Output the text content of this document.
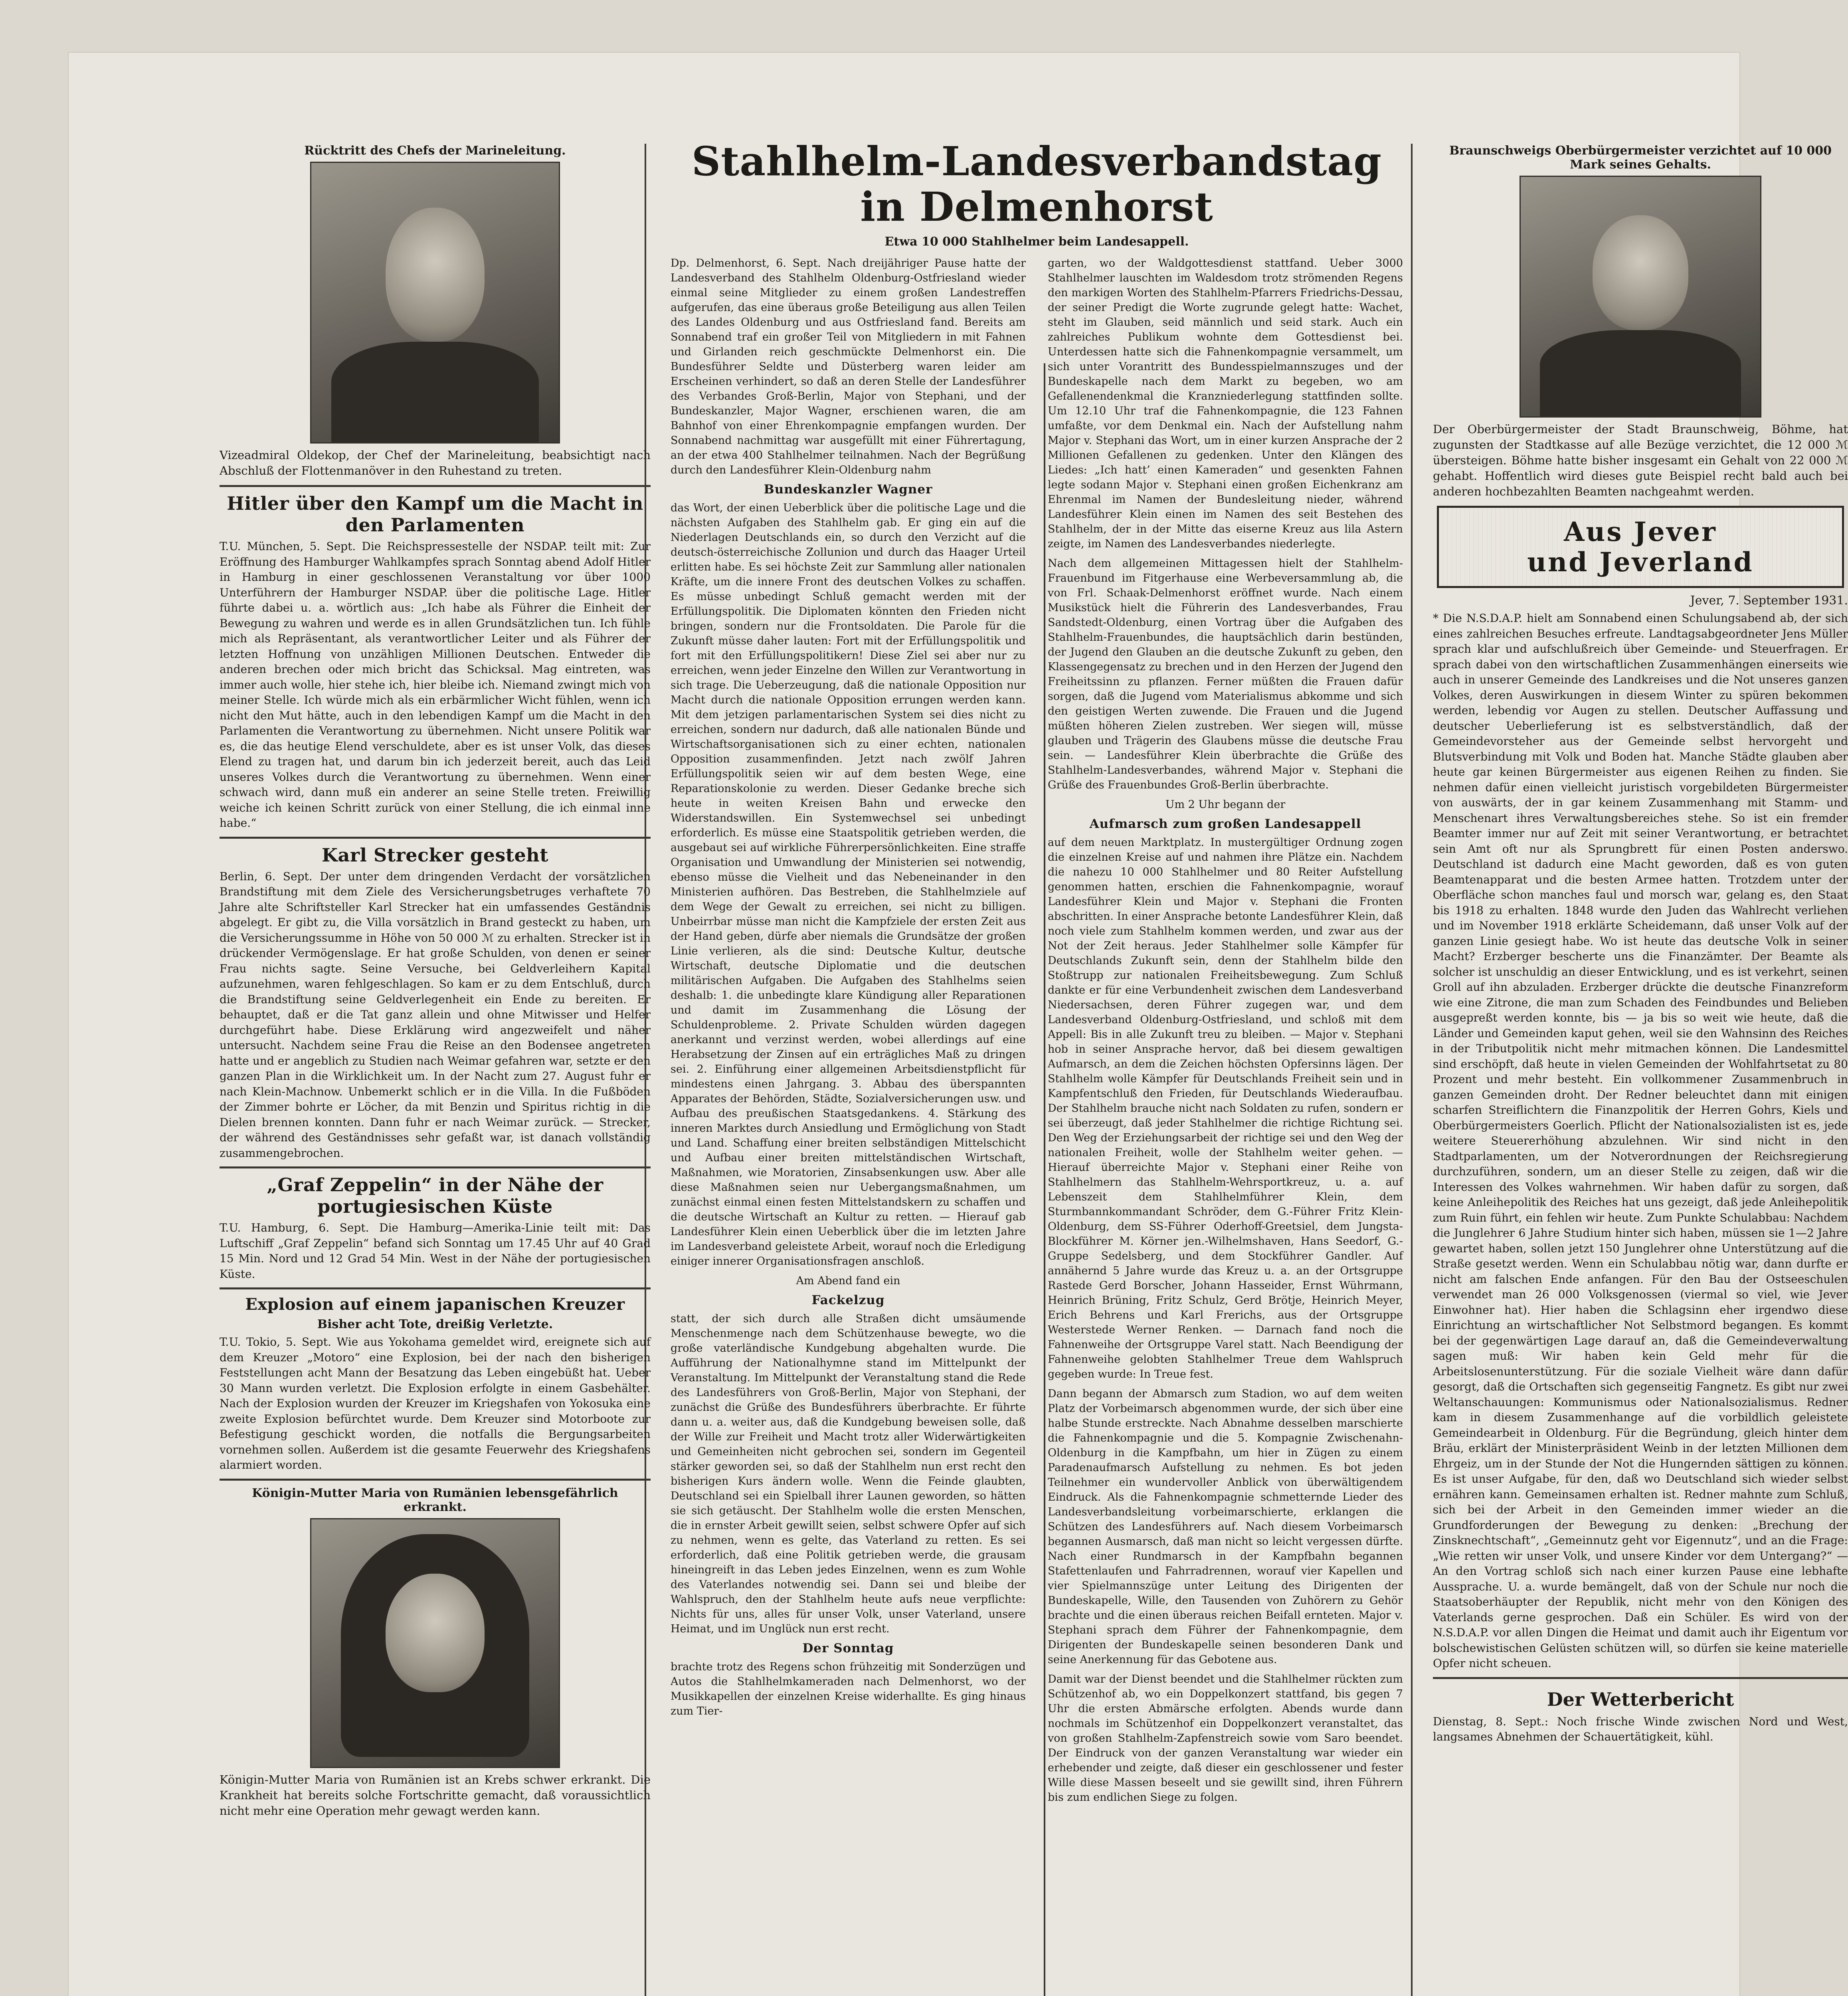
Rücktritt des Chefs der Marineleitung.
Vizeadmiral Oldekop, der Chef der Marineleitung, beabsichtigt nach Abschluß der Flottenmanöver in den Ruhestand zu treten.
Hitler über den Kampf um die Macht in den Parlamenten
T.U. München, 5. Sept. Die Reichspressestelle der NSDAP. teilt mit: Zur Eröffnung des Hamburger Wahlkampfes sprach Sonntag abend Adolf Hitler in Hamburg in einer geschlossenen Veranstaltung vor über 1000 Unterführern der Hamburger NSDAP. über die politische Lage. Hitler führte dabei u. a. wörtlich aus: „Ich habe als Führer die Einheit der Bewegung zu wahren und werde es in allen Grundsätzlichen tun. Ich fühle mich als Repräsentant, als verantwortlicher Leiter und als Führer der letzten Hoffnung von unzähligen Millionen Deutschen. Entweder die anderen brechen oder mich bricht das Schicksal. Mag eintreten, was immer auch wolle, hier stehe ich, hier bleibe ich. Niemand zwingt mich von meiner Stelle. Ich würde mich als ein erbärmlicher Wicht fühlen, wenn ich nicht den Mut hätte, auch in den lebendigen Kampf um die Macht in den Parlamenten die Verantwortung zu übernehmen. Nicht unsere Politik war es, die das heutige Elend verschuldete, aber es ist unser Volk, das dieses Elend zu tragen hat, und darum bin ich jederzeit bereit, auch das Leid unseres Volkes durch die Verantwortung zu übernehmen. Wenn einer schwach wird, dann muß ein anderer an seine Stelle treten. Freiwillig weiche ich keinen Schritt zurück von einer Stellung, die ich einmal inne habe.“
Karl Strecker gesteht
Berlin, 6. Sept. Der unter dem dringenden Verdacht der vorsätzlichen Brandstiftung mit dem Ziele des Versicherungsbetruges verhaftete 70 Jahre alte Schriftsteller Karl Strecker hat ein umfassendes Geständnis abgelegt. Er gibt zu, die Villa vorsätzlich in Brand gesteckt zu haben, um die Versicherungssumme in Höhe von 50 000 ℳ zu erhalten. Strecker ist in drückender Vermögenslage. Er hat große Schulden, von denen er seiner Frau nichts sagte. Seine Versuche, bei Geldverleihern Kapital aufzunehmen, waren fehlgeschlagen. So kam er zu dem Entschluß, durch die Brandstiftung seine Geldverlegenheit ein Ende zu bereiten. Er behauptet, daß er die Tat ganz allein und ohne Mitwisser und Helfer durchgeführt habe. Diese Erklärung wird angezweifelt und näher untersucht. Nachdem seine Frau die Reise an den Bodensee angetreten hatte und er angeblich zu Studien nach Weimar gefahren war, setzte er den ganzen Plan in die Wirklichkeit um. In der Nacht zum 27. August fuhr er nach Klein-Machnow. Unbemerkt schlich er in die Villa. In die Fußböden der Zimmer bohrte er Löcher, da mit Benzin und Spiritus richtig in die Dielen brennen konnten. Dann fuhr er nach Weimar zurück. — Strecker, der während des Geständnisses sehr gefaßt war, ist danach vollständig zusammengebrochen.
„Graf Zeppelin“ in der Nähe der portugiesischen Küste
T.U. Hamburg, 6. Sept. Die Hamburg—Amerika-Linie teilt mit: Das Luftschiff „Graf Zeppelin“ befand sich Sonntag um 17.45 Uhr auf 40 Grad 15 Min. Nord und 12 Grad 54 Min. West in der Nähe der portugiesischen Küste.
Explosion auf einem japanischen Kreuzer
Bisher acht Tote, dreißig Verletzte.
T.U. Tokio, 5. Sept. Wie aus Yokohama gemeldet wird, ereignete sich auf dem Kreuzer „Motoro“ eine Explosion, bei der nach den bisherigen Feststellungen acht Mann der Besatzung das Leben eingebüßt hat. Ueber 30 Mann wurden verletzt. Die Explosion erfolgte in einem Gasbehälter. Nach der Explosion wurden der Kreuzer im Kriegshafen von Yokosuka eine zweite Explosion befürchtet wurde. Dem Kreuzer sind Motorboote zur Befestigung geschickt worden, die notfalls die Bergungsarbeiten vornehmen sollen. Außerdem ist die gesamte Feuerwehr des Kriegshafens alarmiert worden.
Königin-Mutter Maria von Rumänien lebensgefährlich erkrankt.
Königin-Mutter Maria von Rumänien ist an Krebs schwer erkrankt. Die Krankheit hat bereits solche Fortschritte gemacht, daß voraussichtlich nicht mehr eine Operation mehr gewagt werden kann.
Stahlhelm-Landesverbandstag
in Delmenhorst
Etwa 10 000 Stahlhelmer beim Landesappell.
Dp. Delmenhorst, 6. Sept. Nach dreijähriger Pause hatte der Landesverband des Stahlhelm Oldenburg-Ostfriesland wieder einmal seine Mitglieder zu einem großen Landestreffen aufgerufen, das eine überaus große Beteiligung aus allen Teilen des Landes Oldenburg und aus Ostfriesland fand. Bereits am Sonnabend traf ein großer Teil von Mitgliedern in mit Fahnen und Girlanden reich geschmückte Delmenhorst ein. Die Bundesführer Seldte und Düsterberg waren leider am Erscheinen verhindert, so daß an deren Stelle der Landesführer des Verbandes Groß-Berlin, Major von Stephani, und der Bundeskanzler, Major Wagner, erschienen waren, die am Bahnhof von einer Ehrenkompagnie empfangen wurden. Der Sonnabend nachmittag war ausgefüllt mit einer Führertagung, an der etwa 400 Stahlhelmer teilnahmen. Nach der Begrüßung durch den Landesführer Klein-Oldenburg nahm
Bundeskanzler Wagner
das Wort, der einen Ueberblick über die politische Lage und die nächsten Aufgaben des Stahlhelm gab. Er ging ein auf die Niederlagen Deutschlands ein, so durch den Verzicht auf die deutsch-österreichische Zollunion und durch das Haager Urteil erlitten habe. Es sei höchste Zeit zur Sammlung aller nationalen Kräfte, um die innere Front des deutschen Volkes zu schaffen. Es müsse unbedingt Schluß gemacht werden mit der Erfüllungspolitik. Die Diplomaten könnten den Frieden nicht bringen, sondern nur die Frontsoldaten. Die Parole für die Zukunft müsse daher lauten: Fort mit der Erfüllungspolitik und fort mit den Erfüllungspolitikern! Diese Ziel sei aber nur zu erreichen, wenn jeder Einzelne den Willen zur Verantwortung in sich trage. Die Ueberzeugung, daß die nationale Opposition nur Macht durch die nationale Opposition errungen werden kann. Mit dem jetzigen parlamentarischen System sei dies nicht zu erreichen, sondern nur dadurch, daß alle nationalen Bünde und Wirtschaftsorganisationen sich zu einer echten, nationalen Opposition zusammenfinden. Jetzt nach zwölf Jahren Erfüllungspolitik seien wir auf dem besten Wege, eine Reparationskolonie zu werden. Dieser Gedanke breche sich heute in weiten Kreisen Bahn und erwecke den Widerstandswillen. Ein Systemwechsel sei unbedingt erforderlich. Es müsse eine Staatspolitik getrieben werden, die ausgebaut sei auf wirkliche Führerpersönlichkeiten. Eine straffe Organisation und Umwandlung der Ministerien sei notwendig, ebenso müsse die Vielheit und das Nebeneinander in den Ministerien aufhören. Das Bestreben, die Stahlhelmziele auf dem Wege der Gewalt zu erreichen, sei nicht zu billigen. Unbeirrbar müsse man nicht die Kampfziele der ersten Zeit aus der Hand geben, dürfe aber niemals die Grundsätze der großen Linie verlieren, als die sind: Deutsche Kultur, deutsche Wirtschaft, deutsche Diplomatie und die deutschen militärischen Aufgaben. Die Aufgaben des Stahlhelms seien deshalb: 1. die unbedingte klare Kündigung aller Reparationen und damit im Zusammenhang die Lösung der Schuldenprobleme. 2. Private Schulden würden dagegen anerkannt und verzinst werden, wobei allerdings auf eine Herabsetzung der Zinsen auf ein erträgliches Maß zu dringen sei. 2. Einführung einer allgemeinen Arbeitsdienstpflicht für mindestens einen Jahrgang. 3. Abbau des überspannten Apparates der Behörden, Städte, Sozialversicherungen usw. und Aufbau des preußischen Staatsgedankens. 4. Stärkung des inneren Marktes durch Ansiedlung und Ermöglichung von Stadt und Land. Schaffung einer breiten selbständigen Mittelschicht und Aufbau einer breiten mittelständischen Wirtschaft, Maßnahmen, wie Moratorien, Zinsabsenkungen usw. Aber alle diese Maßnahmen seien nur Uebergangsmaßnahmen, um zunächst einmal einen festen Mittelstandskern zu schaffen und die deutsche Wirtschaft an Kultur zu retten. — Hierauf gab Landesführer Klein einen Ueberblick über die im letzten Jahre im Landesverband geleistete Arbeit, worauf noch die Erledigung einiger innerer Organisationsfragen anschloß.
Am Abend fand ein
Fackelzug
statt, der sich durch alle Straßen dicht umsäumende Menschenmenge nach dem Schützenhause bewegte, wo die große vaterländische Kundgebung abgehalten wurde. Die Aufführung der Nationalhymne stand im Mittelpunkt der Veranstaltung. Im Mittelpunkt der Veranstaltung stand die Rede des Landesführers von Groß-Berlin, Major von Stephani, der zunächst die Grüße des Bundesführers überbrachte. Er führte dann u. a. weiter aus, daß die Kundgebung beweisen solle, daß der Wille zur Freiheit und Macht trotz aller Widerwärtigkeiten und Gemeinheiten nicht gebrochen sei, sondern im Gegenteil stärker geworden sei, so daß der Stahlhelm nun erst recht den bisherigen Kurs ändern wolle. Wenn die Feinde glaubten, Deutschland sei ein Spielball ihrer Launen geworden, so hätten sie sich getäuscht. Der Stahlhelm wolle die ersten Menschen, die in ernster Arbeit gewillt seien, selbst schwere Opfer auf sich zu nehmen, wenn es gelte, das Vaterland zu retten. Es sei erforderlich, daß eine Politik getrieben werde, die grausam hineingreift in das Leben jedes Einzelnen, wenn es zum Wohle des Vaterlandes notwendig sei. Dann sei und bleibe der Wahlspruch, den der Stahlhelm heute aufs neue verpflichte: Nichts für uns, alles für unser Volk, unser Vaterland, unsere Heimat, und im Unglück nun erst recht.
Der Sonntag
brachte trotz des Regens schon frühzeitig mit Sonderzügen und Autos die Stahlhelmkameraden nach Delmenhorst, wo der Musikkapellen der einzelnen Kreise widerhallte. Es ging hinaus zum Tier-
garten, wo der Waldgottesdienst stattfand. Ueber 3000 Stahlhelmer lauschten im Waldesdom trotz strömenden Regens den markigen Worten des Stahlhelm-Pfarrers Friedrichs-Dessau, der seiner Predigt die Worte zugrunde gelegt hatte: Wachet, steht im Glauben, seid männlich und seid stark. Auch ein zahlreiches Publikum wohnte dem Gottesdienst bei. Unterdessen hatte sich die Fahnenkompagnie versammelt, um sich unter Vorantritt des Bundesspielmannszuges und der Bundeskapelle nach dem Markt zu begeben, wo am Gefallenendenkmal die Kranzniederlegung stattfinden sollte. Um 12.10 Uhr traf die Fahnenkompagnie, die 123 Fahnen umfaßte, vor dem Denkmal ein. Nach der Aufstellung nahm Major v. Stephani das Wort, um in einer kurzen Ansprache der 2 Millionen Gefallenen zu gedenken. Unter den Klängen des Liedes: „Ich hatt’ einen Kameraden“ und gesenkten Fahnen legte sodann Major v. Stephani einen großen Eichenkranz am Ehrenmal im Namen der Bundesleitung nieder, während Landesführer Klein einen im Namen des seit Bestehen des Stahlhelm, der in der Mitte das eiserne Kreuz aus lila Astern zeigte, im Namen des Landesverbandes niederlegte.
Nach dem allgemeinen Mittagessen hielt der Stahlhelm-Frauenbund im Fitgerhause eine Werbeversammlung ab, die von Frl. Schaak-Delmenhorst eröffnet wurde. Nach einem Musikstück hielt die Führerin des Landesverbandes, Frau Sandstedt-Oldenburg, einen Vortrag über die Aufgaben des Stahlhelm-Frauenbundes, die hauptsächlich darin bestünden, der Jugend den Glauben an die deutsche Zukunft zu geben, den Klassengegensatz zu brechen und in den Herzen der Jugend den Freiheitssinn zu pflanzen. Ferner müßten die Frauen dafür sorgen, daß die Jugend vom Materialismus abkomme und sich den geistigen Werten zuwende. Die Frauen und die Jugend müßten höheren Zielen zustreben. Wer siegen will, müsse glauben und Trägerin des Glaubens müsse die deutsche Frau sein. — Landesführer Klein überbrachte die Grüße des Stahlhelm-Landesverbandes, während Major v. Stephani die Grüße des Frauenbundes Groß-Berlin überbrachte.
Um 2 Uhr begann der
Aufmarsch zum großen Landesappell
auf dem neuen Marktplatz. In mustergültiger Ordnung zogen die einzelnen Kreise auf und nahmen ihre Plätze ein. Nachdem die nahezu 10 000 Stahlhelmer und 80 Reiter Aufstellung genommen hatten, erschien die Fahnenkompagnie, worauf Landesführer Klein und Major v. Stephani die Fronten abschritten. In einer Ansprache betonte Landesführer Klein, daß noch viele zum Stahlhelm kommen werden, und zwar aus der Not der Zeit heraus. Jeder Stahlhelmer solle Kämpfer für Deutschlands Zukunft sein, denn der Stahlhelm bilde den Stoßtrupp zur nationalen Freiheitsbewegung. Zum Schluß dankte er für eine Verbundenheit zwischen dem Landesverband Niedersachsen, deren Führer zugegen war, und dem Landesverband Oldenburg-Ostfriesland, und schloß mit dem Appell: Bis in alle Zukunft treu zu bleiben. — Major v. Stephani hob in seiner Ansprache hervor, daß bei diesem gewaltigen Aufmarsch, an dem die Zeichen höchsten Opfersinns lägen. Der Stahlhelm wolle Kämpfer für Deutschlands Freiheit sein und in Kampfentschluß den Frieden, für Deutschlands Wiederaufbau. Der Stahlhelm brauche nicht nach Soldaten zu rufen, sondern er sei überzeugt, daß jeder Stahlhelmer die richtige Richtung sei. Den Weg der Erziehungsarbeit der richtige sei und den Weg der nationalen Freiheit, wolle der Stahlhelm weiter gehen. — Hierauf überreichte Major v. Stephani einer Reihe von Stahlhelmern das Stahlhelm-Wehrsportkreuz, u. a. auf Lebenszeit dem Stahlhelmführer Klein, dem Sturmbannkommandant Schröder, dem G.-Führer Fritz Klein-Oldenburg, dem SS-Führer Oderhoff-Greetsiel, dem Jungsta-Blockführer M. Körner jen.-Wilhelmshaven, Hans Seedorf, G.-Gruppe Sedelsberg, und dem Stockführer Gandler. Auf annähernd 5 Jahre wurde das Kreuz u. a. an der Ortsgruppe Rastede Gerd Borscher, Johann Hasseider, Ernst Wührmann, Heinrich Brüning, Fritz Schulz, Gerd Brötje, Heinrich Meyer, Erich Behrens und Karl Frerichs, aus der Ortsgruppe Westerstede Werner Renken. — Darnach fand noch die Fahnenweihe der Ortsgruppe Varel statt. Nach Beendigung der Fahnenweihe gelobten Stahlhelmer Treue dem Wahlspruch gegeben wurde: In Treue fest.
Dann begann der Abmarsch zum Stadion, wo auf dem weiten Platz der Vorbeimarsch abgenommen wurde, der sich über eine halbe Stunde erstreckte. Nach Abnahme desselben marschierte die Fahnenkompagnie und die 5. Kompagnie Zwischenahn-Oldenburg in die Kampfbahn, um hier in Zügen zu einem Paradenaufmarsch Aufstellung zu nehmen. Es bot jeden Teilnehmer ein wundervoller Anblick von überwältigendem Eindruck. Als die Fahnenkompagnie schmetternde Lieder des Landesverbandsleitung vorbeimarschierte, erklangen die Schützen des Landesführers auf. Nach diesem Vorbeimarsch begannen Ausmarsch, daß man nicht so leicht vergessen dürfte. Nach einer Rundmarsch in der Kampfbahn begannen Stafettenlaufen und Fahrradrennen, worauf vier Kapellen und vier Spielmannszüge unter Leitung des Dirigenten der Bundeskapelle, Wille, den Tausenden von Zuhörern zu Gehör brachte und die einen überaus reichen Beifall ernteten. Major v. Stephani sprach dem Führer der Fahnenkompagnie, dem Dirigenten der Bundeskapelle seinen besonderen Dank und seine Anerkennung für das Gebotene aus.
Damit war der Dienst beendet und die Stahlhelmer rückten zum Schützenhof ab, wo ein Doppelkonzert stattfand, bis gegen 7 Uhr die ersten Abmärsche erfolgten. Abends wurde dann nochmals im Schützenhof ein Doppelkonzert veranstaltet, das von großen Stahlhelm-Zapfenstreich sowie vom Saro beendet. Der Eindruck von der ganzen Veranstaltung war wieder ein erhebender und zeigte, daß dieser ein geschlossener und fester Wille diese Massen beseelt und sie gewillt sind, ihren Führern bis zum endlichen Siege zu folgen.
Braunschweigs Oberbürgermeister verzichtet auf 10 000 Mark seines Gehalts.
Der Oberbürgermeister der Stadt Braunschweig, Böhme, hat zugunsten der Stadtkasse auf alle Bezüge verzichtet, die 12 000 ℳ übersteigen. Böhme hatte bisher insgesamt ein Gehalt von 22 000 ℳ gehabt. Hoffentlich wird dieses gute Beispiel recht bald auch bei anderen hochbezahlten Beamten nachgeahmt werden.
Aus Jever
und Jeverland
Jever, 7. September 1931.
* Die N.S.D.A.P. hielt am Sonnabend einen Schulungsabend ab, der sich eines zahlreichen Besuches erfreute. Landtagsabgeordneter Jens Müller sprach klar und aufschlußreich über Gemeinde- und Steuerfragen. Er sprach dabei von den wirtschaftlichen Zusammenhängen einerseits wie auch in unserer Gemeinde des Landkreises und die Not unseres ganzen Volkes, deren Auswirkungen in diesem Winter zu spüren bekommen werden, lebendig vor Augen zu stellen. Deutscher Auffassung und deutscher Ueberlieferung ist es selbstverständlich, daß der Gemeindevorsteher aus der Gemeinde selbst hervorgeht und Blutsverbindung mit Volk und Boden hat. Manche Städte glauben aber heute gar keinen Bürgermeister aus eigenen Reihen zu finden. Sie nehmen dafür einen vielleicht juristisch vorgebildeten Bürgermeister von auswärts, der in gar keinem Zusammenhang mit Stamm- und Menschenart ihres Verwaltungsbereiches stehe. So ist ein fremder Beamter immer nur auf Zeit mit seiner Verantwortung, er betrachtet sein Amt oft nur als Sprungbrett für einen Posten anderswo. Deutschland ist dadurch eine Macht geworden, daß es von guten Beamtenapparat und die besten Armee hatten. Trotzdem unter der Oberfläche schon manches faul und morsch war, gelang es, den Staat bis 1918 zu erhalten. 1848 wurde den Juden das Wahlrecht verliehen und im November 1918 erklärte Scheidemann, daß unser Volk auf der ganzen Linie gesiegt habe. Wo ist heute das deutsche Volk in seiner Macht? Erzberger bescherte uns die Finanzämter. Der Beamte als solcher ist unschuldig an dieser Entwicklung, und es ist verkehrt, seinen Groll auf ihn abzuladen. Erzberger drückte die deutsche Finanzreform wie eine Zitrone, die man zum Schaden des Feindbundes und Belieben ausgepreßt werden konnte, bis — ja bis so weit wie heute, daß die Länder und Gemeinden kaput gehen, weil sie den Wahnsinn des Reiches in der Tributpolitik nicht mehr mitmachen können. Die Landesmittel sind erschöpft, daß heute in vielen Gemeinden der Wohlfahrtsetat zu 80 Prozent und mehr besteht. Ein vollkommener Zusammenbruch in ganzen Gemeinden droht. Der Redner beleuchtet dann mit einigen scharfen Streiflichtern die Finanzpolitik der Herren Gohrs, Kiels und Oberbürgermeisters Goerlich. Pflicht der Nationalsozialisten ist es, jede weitere Steuererhöhung abzulehnen. Wir sind nicht in den Stadtparlamenten, um der Notverordnungen der Reichsregierung durchzuführen, sondern, um an dieser Stelle zu zeigen, daß wir die Interessen des Volkes wahrnehmen. Wir haben dafür zu sorgen, daß keine Anleihepolitik des Reiches hat uns gezeigt, daß jede Anleihepolitik zum Ruin führt, ein fehlen wir heute. Zum Punkte Schulabbau: Nachdem die Junglehrer 6 Jahre Studium hinter sich haben, müssen sie 1—2 Jahre gewartet haben, sollen jetzt 150 Junglehrer ohne Unterstützung auf die Straße gesetzt werden. Wenn ein Schulabbau nötig war, dann durfte er nicht am falschen Ende anfangen. Für den Bau der Ostseeschulen verwendet man 26 000 Volksgenossen (viermal so viel, wie Jever Einwohner hat). Hier haben die Schlagsinn eher irgendwo diese Einrichtung an wirtschaftlicher Not Selbstmord begangen. Es kommt bei der gegenwärtigen Lage darauf an, daß die Gemeindeverwaltung sagen muß: Wir haben kein Geld mehr für die Arbeitslosenunterstützung. Für die soziale Vielheit wäre dann dafür gesorgt, daß die Ortschaften sich gegenseitig Fangnetz. Es gibt nur zwei Weltanschauungen: Kommunismus oder Nationalsozialismus. Redner kam in diesem Zusammenhange auf die vorbildlich geleistete Gemeindearbeit in Oldenburg. Für die Begründung, gleich hinter dem Bräu, erklärt der Ministerpräsident Weinb in der letzten Millionen dem Ehrgeiz, um in der Stunde der Not die Hungernden sättigen zu können. Es ist unser Aufgabe, für den, daß wo Deutschland sich wieder selbst ernähren kann. Gemeinsamen erhalten ist. Redner mahnte zum Schluß, sich bei der Arbeit in den Gemeinden immer wieder an die Grundforderungen der Bewegung zu denken: „Brechung der Zinsknechtschaft“, „Gemeinnutz geht vor Eigennutz“, und an die Frage: „Wie retten wir unser Volk, und unsere Kinder vor dem Untergang?“ — An den Vortrag schloß sich nach einer kurzen Pause eine lebhafte Aussprache. U. a. wurde bemängelt, daß von der Schule nur noch die Staatsoberhäupter der Republik, nicht mehr von den Königen des Vaterlands gerne gesprochen. Daß ein Schüler. Es wird von der N.S.D.A.P. vor allen Dingen die Heimat und damit auch ihr Eigentum vor bolschewistischen Gelüsten schützen will, so dürfen sie keine materielle Opfer nicht scheuen.
Der Wetterbericht
Dienstag, 8. Sept.: Noch frische Winde zwischen Nord und West, langsames Abnehmen der Schauertätigkeit, kühl.
